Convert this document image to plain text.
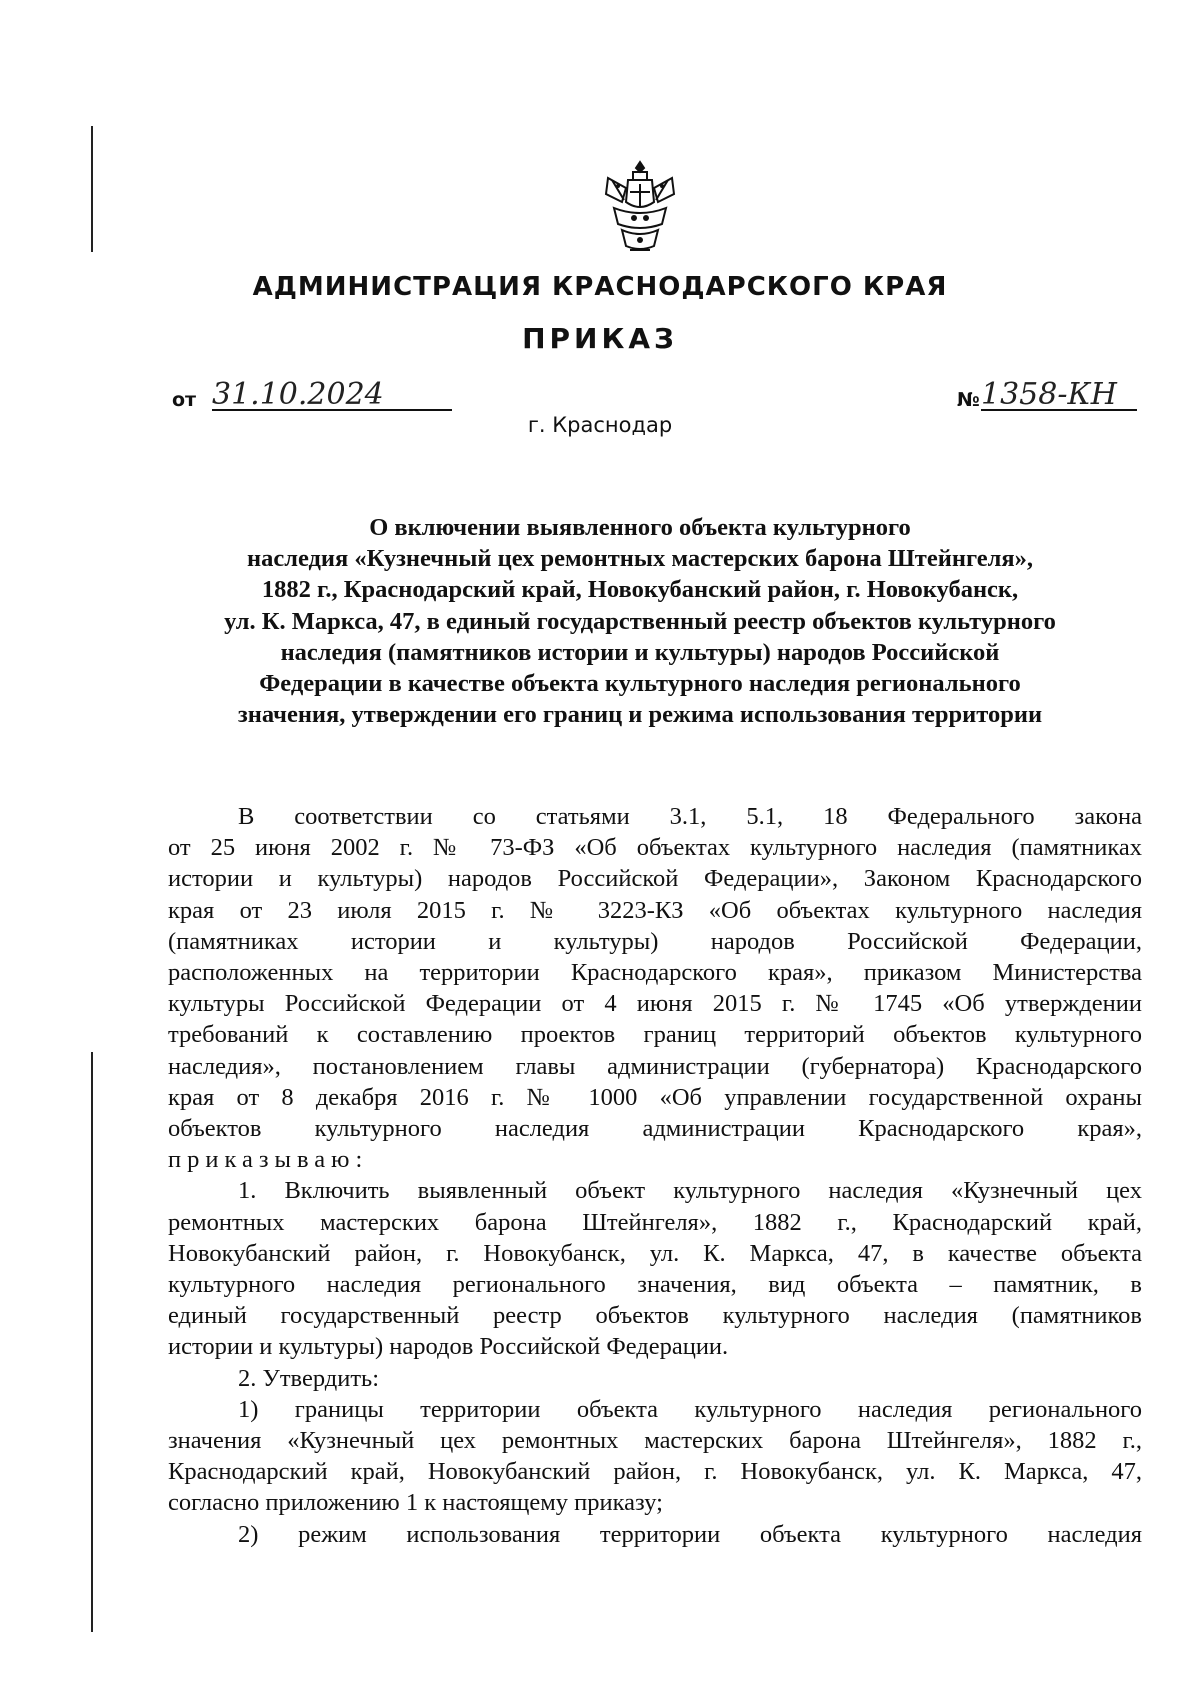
АДМИНИСТРАЦИЯ КРАСНОДАРСКОГО КРАЯ
ПРИКАЗ
от 31.10.2024	№ 1358-КН

г. Краснодар

О включении выявленного объекта культурного
наследия «Кузнечный цех ремонтных мастерских барона Штейнгеля»,
1882 г., Краснодарский край, Новокубанский район, г. Новокубанск,
ул. К. Маркса, 47, в единый государственный реестр объектов культурного
наследия (памятников истории и культуры) народов Российской
Федерации в качестве объекта культурного наследия регионального
значения, утверждении его границ и режима использования территории
В соответствии со статьями 3.1, 5.1, 18 Федерального закона
от 25 июня 2002 г. № 73-ФЗ «Об объектах культурного наследия (памятниках
истории и культуры) народов Российской Федерации», Законом Краснодарского
края от 23 июля 2015 г. № 3223-КЗ «Об объектах культурного наследия
(памятниках истории и культуры) народов Российской Федерации,
расположенных на территории Краснодарского края», приказом Министерства
культуры Российской Федерации от 4 июня 2015 г. № 1745 «Об утверждении
требований к составлению проектов границ территорий объектов культурного
наследия», постановлением главы администрации (губернатора) Краснодарского
края от 8 декабря 2016 г. № 1000 «Об управлении государственной охраны
объектов культурного наследия администрации Краснодарского края»,
приказываю:
1. Включить выявленный объект культурного наследия «Кузнечный цех
ремонтных мастерских барона Штейнгеля», 1882 г., Краснодарский край,
Новокубанский район, г. Новокубанск, ул. К. Маркса, 47, в качестве объекта
культурного наследия регионального значения, вид объекта – памятник, в
единый государственный реестр объектов культурного наследия (памятников
истории и культуры) народов Российской Федерации.
2. Утвердить:
1) границы территории объекта культурного наследия регионального
значения «Кузнечный цех ремонтных мастерских барона Штейнгеля», 1882 г.,
Краснодарский край, Новокубанский район, г. Новокубанск, ул. К. Маркса, 47,
согласно приложению 1 к настоящему приказу;
2) режим использования территории объекта культурного наследия
